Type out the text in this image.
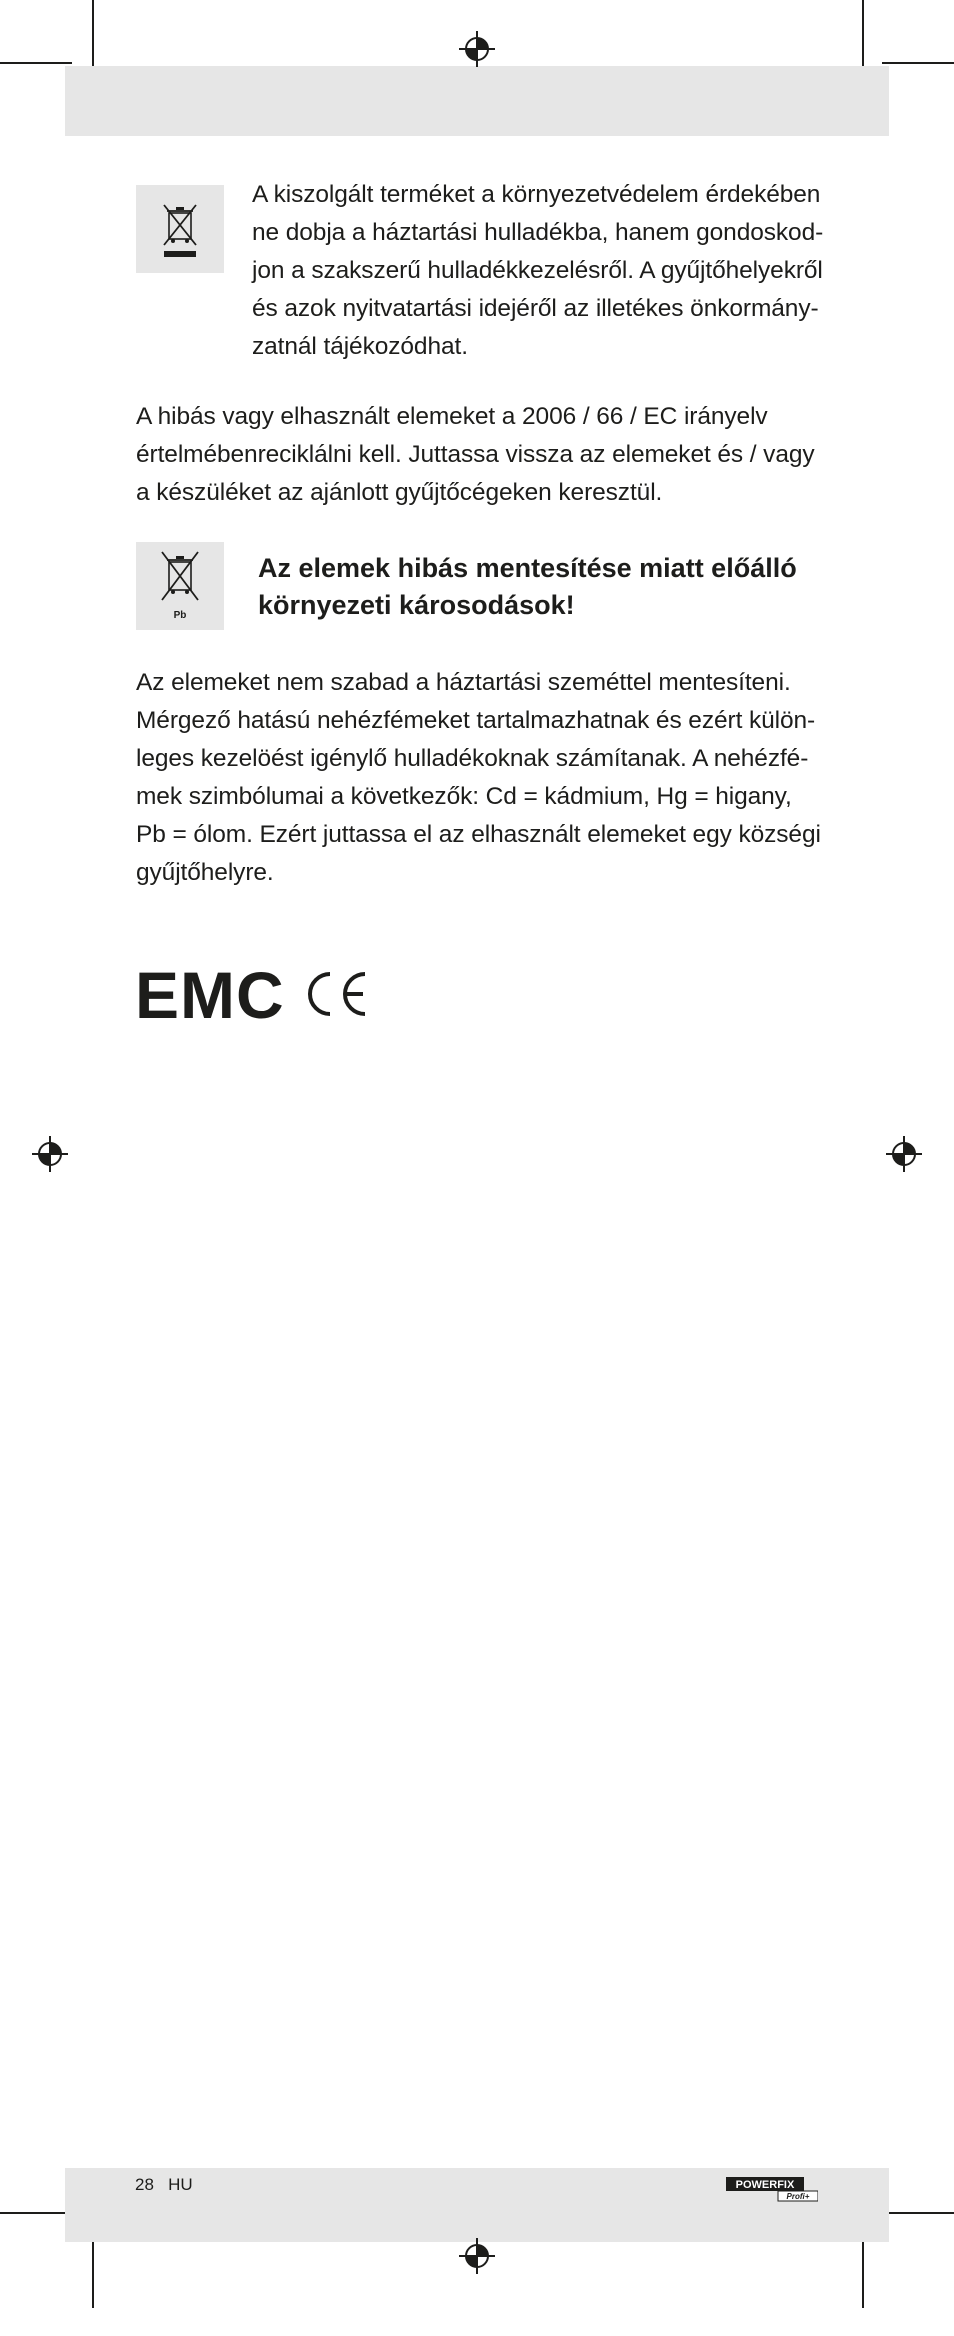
A kiszolgált terméket a környezetvédelem érdekében
ne dobja a háztartási hulladékba, hanem gondoskod-
jon a szakszerű hulladékkezelésről. A gyűjtőhelyekről
és azok nyitvatartási idejéről az illetékes önkormány-
zatnál tájékozódhat.

A hibás vagy elhasznált elemeket a 2006 / 66 / EC irányelv
értelmébenreciklálni kell. Juttassa vissza az elemeket és / vagy
a készüléket az ajánlott gyűjtőcégeken keresztül.

Pb

Az elemek hibás mentesítése miatt előálló
környezeti károsodások!

Az elemeket nem szabad a háztartási szeméttel mentesíteni.
Mérgező hatású nehézfémeket tartalmazhatnak és ezért külön-
leges kezelöést igénylő hulladékoknak számítanak. A nehézfé-
mek szimbólumai a következők: Cd = kádmium, Hg = higany,
Pb = ólom. Ezért juttassa el az elhasznált elemeket egy községi
gyűjtőhelyre.

EMC
28 HU	POWERFIX
Profi+
